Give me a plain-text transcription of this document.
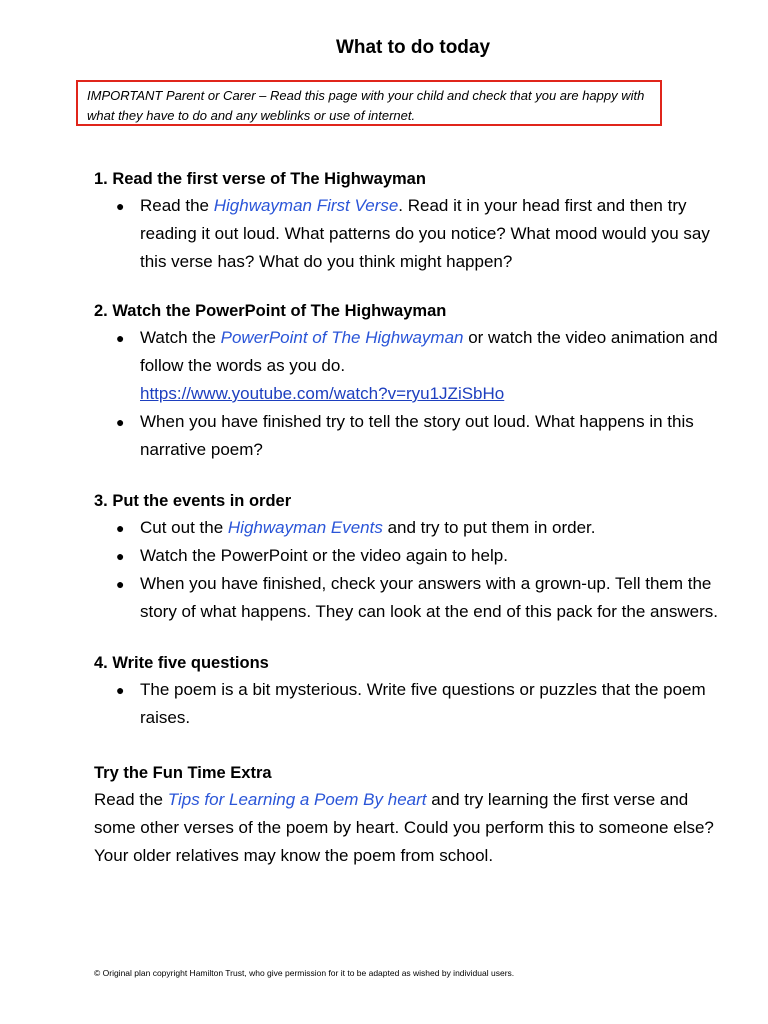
What to do today
IMPORTANT Parent or Carer – Read this page with your child and check that you are happy with what they have to do and any weblinks or use of internet.

1. Read the first verse of The Highwayman

● Read the Highwayman First Verse. Read it in your head first and then try reading it out loud. What patterns do you notice? What mood would you say this verse has? What do you think might happen?

2. Watch the PowerPoint of The Highwayman

● Watch the PowerPoint of The Highwayman or watch the video animation and follow the words as you do.
https://www.youtube.com/watch?v=ryu1JZiSbHo
● When you have finished try to tell the story out loud. What happens in this narrative poem?

3. Put the events in order

● Cut out the Highwayman Events and try to put them in order.
● Watch the PowerPoint or the video again to help.
● When you have finished, check your answers with a grown-up. Tell them the story of what happens. They can look at the end of this pack for the answers.

4. Write five questions

● The poem is a bit mysterious. Write five questions or puzzles that the poem raises.

Try the Fun Time Extra

Read the Tips for Learning a Poem By heart and try learning the first verse and some other verses of the poem by heart. Could you perform this to someone else? Your older relatives may know the poem from school.

© Original plan copyright Hamilton Trust, who give permission for it to be adapted as wished by individual users.
